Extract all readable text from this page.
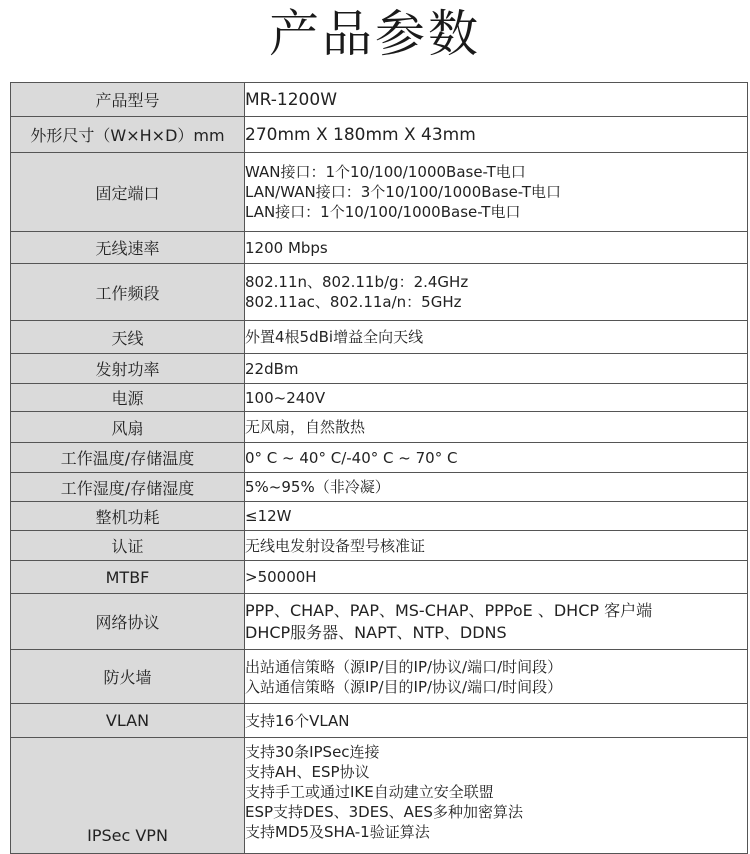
产品参数
产品型号	MR-1200W

外形尺寸（W×H×D）mm	270mm X 180mm X 43mm

固定端口	WAN接口：1个10/100/1000Base-T电口
LAN/WAN接口：3个10/100/1000Base-T电口
LAN接口：1个10/100/1000Base-T电口

无线速率	1200 Mbps

工作频段	802.11n、802.11b/g：2.4GHz
802.11ac、802.11a/n：5GHz

天线	外置4根5dBi增益全向天线

发射功率	22dBm

电源	100~240V

风扇	无风扇，自然散热

工作温度/存储温度	0° C ~ 40° C/-40° C ~ 70° C

工作湿度/存储湿度	5%~95%（非冷凝）

整机功耗	≤12W

认证	无线电发射设备型号核准证

MTBF	>50000H

网络协议	PPP、CHAP、PAP、MS-CHAP、PPPoE 、DHCP 客户端
DHCP服务器、NAPT、NTP、DDNS

防火墙	出站通信策略（源IP/目的IP/协议/端口/时间段）
入站通信策略（源IP/目的IP/协议/端口/时间段）

VLAN	支持16个VLAN

IPSec VPN	支持30条IPSec连接
支持AH、ESP协议
支持手工或通过IKE自动建立安全联盟
ESP支持DES、3DES、AES多种加密算法
支持MD5及SHA-1验证算法
